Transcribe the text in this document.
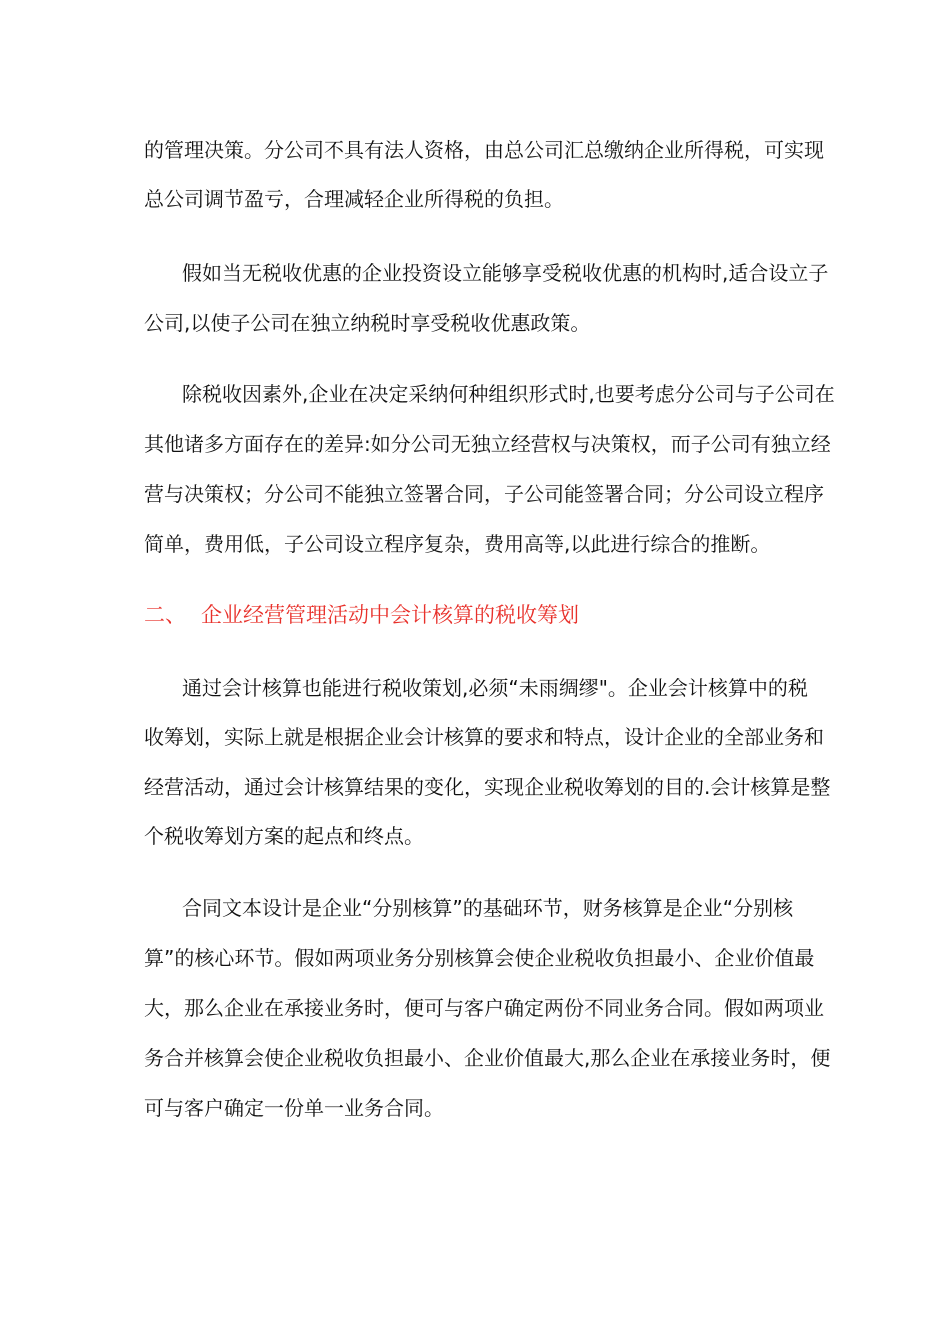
的管理决策。分公司不具有法人资格，由总公司汇总缴纳企业所得税，可实现
总公司调节盈亏，合理减轻企业所得税的负担。
假如当无税收优惠的企业投资设立能够享受税收优惠的机构时,适合设立子
公司,以使子公司在独立纳税时享受税收优惠政策。
除税收因素外,企业在决定采纳何种组织形式时,也要考虑分公司与子公司在
其他诸多方面存在的差异:如分公司无独立经营权与决策权，而子公司有独立经
营与决策权；分公司不能独立签署合同，子公司能签署合同；分公司设立程序
简单，费用低，子公司设立程序复杂，费用高等,以此进行综合的推断。
二、 企业经营管理活动中会计核算的税收筹划
通过会计核算也能进行税收策划,必须“未雨绸缪"。企业会计核算中的税
收筹划，实际上就是根据企业会计核算的要求和特点，设计企业的全部业务和
经营活动，通过会计核算结果的变化，实现企业税收筹划的目的.会计核算是整
个税收筹划方案的起点和终点。
合同文本设计是企业“分别核算”的基础环节，财务核算是企业“分别核
算”的核心环节。假如两项业务分别核算会使企业税收负担最小、企业价值最
大，那么企业在承接业务时，便可与客户确定两份不同业务合同。假如两项业
务合并核算会使企业税收负担最小、企业价值最大,那么企业在承接业务时，便
可与客户确定一份单一业务合同。
